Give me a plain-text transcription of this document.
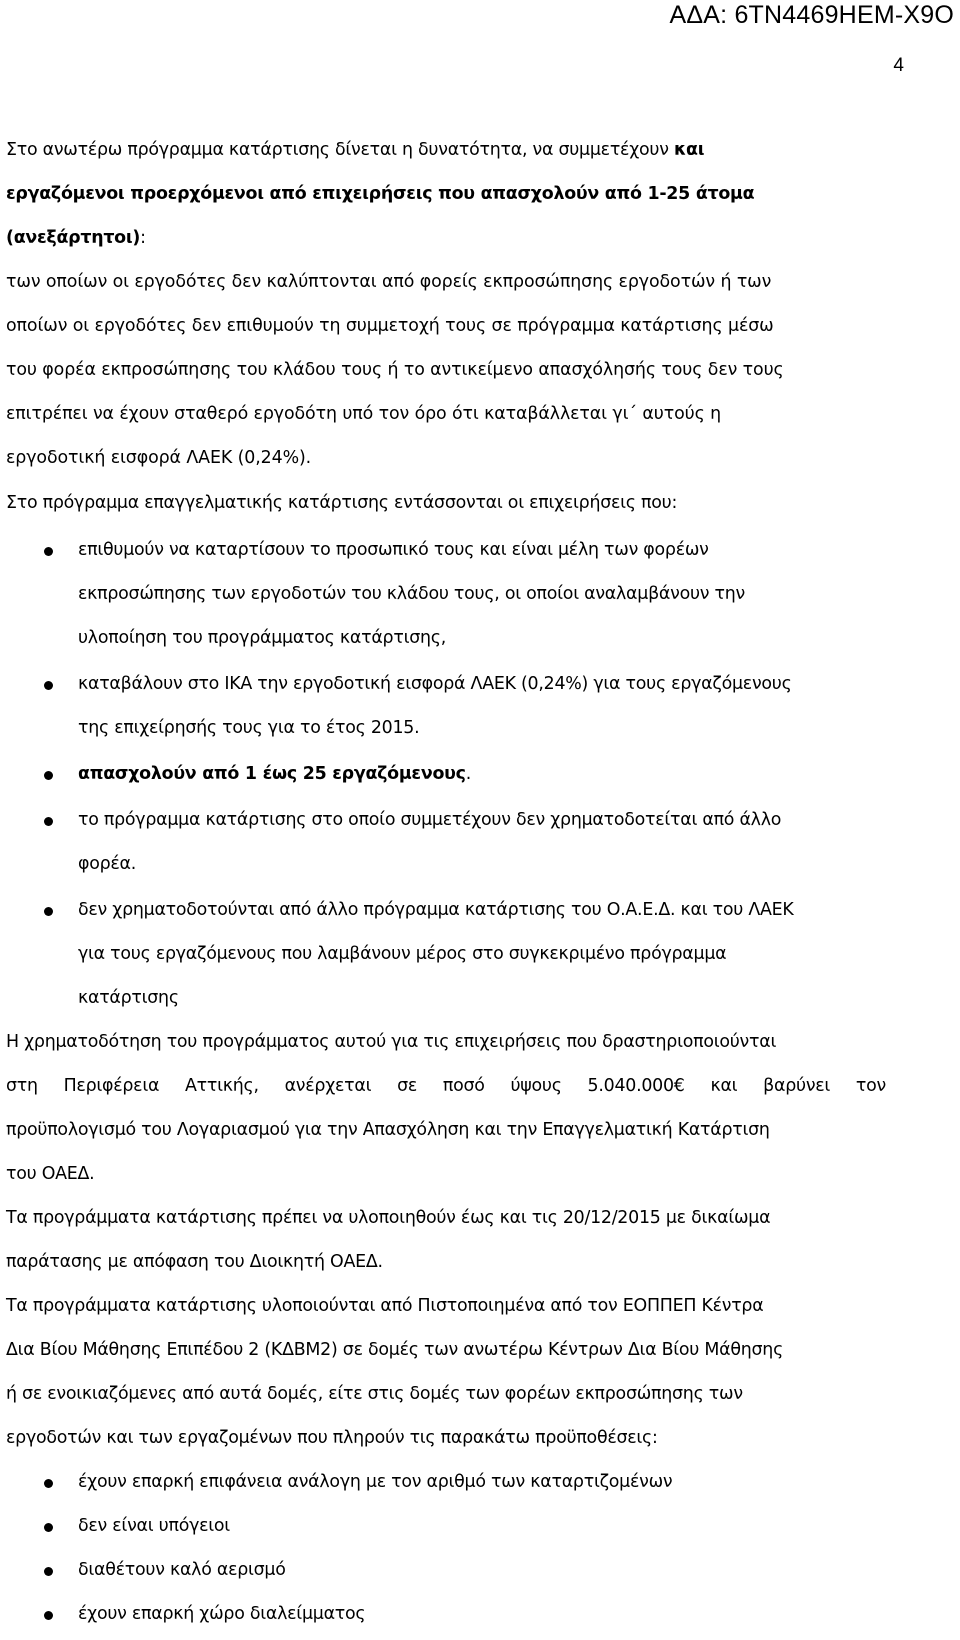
ΑΔΑ: 6ΤΝ4469ΗΕΜ-Χ9Ο
4

Στο ανωτέρω πρόγραμμα κατάρτισης δίνεται η δυνατότητα, να συμμετέχουν και

εργαζόμενοι προερχόμενοι από επιχειρήσεις που απασχολούν από 1-25 άτομα

(ανεξάρτητοι):

των οποίων οι εργοδότες δεν καλύπτονται από φορείς εκπροσώπησης εργοδοτών ή των

οποίων οι εργοδότες δεν επιθυμούν τη συμμετοχή τους σε πρόγραμμα κατάρτισης μέσω

του φορέα εκπροσώπησης του κλάδου τους ή το αντικείμενο απασχόλησής τους δεν τους

επιτρέπει να έχουν σταθερό εργοδότη υπό τον όρο ότι καταβάλλεται γι΄ αυτούς η

εργοδοτική εισφορά ΛΑΕΚ (0,24%).

Στο πρόγραμμα επαγγελματικής κατάρτισης εντάσσονται οι επιχειρήσεις που:

επιθυμούν να καταρτίσουν το προσωπικό τους και είναι μέλη των φορέων

εκπροσώπησης των εργοδοτών του κλάδου τους, οι οποίοι αναλαμβάνουν την

υλοποίηση του προγράμματος κατάρτισης,

καταβάλουν στο ΙΚΑ την εργοδοτική εισφορά ΛΑΕΚ (0,24%) για τους εργαζόμενους

της επιχείρησής τους για το έτος 2015.

απασχολούν από 1 έως 25 εργαζόμενους.

το πρόγραμμα κατάρτισης στο οποίο συμμετέχουν δεν χρηματοδοτείται από άλλο

φορέα.

δεν χρηματοδοτούνται από άλλο πρόγραμμα κατάρτισης του Ο.Α.Ε.Δ. και του ΛΑΕΚ

για τους εργαζόμενους που λαμβάνουν μέρος στο συγκεκριμένο πρόγραμμα

κατάρτισης

Η χρηματοδότηση του προγράμματος αυτού για τις επιχειρήσεις που δραστηριοποιούνται

στη Περιφέρεια Αττικής, ανέρχεται σε ποσό ύψους 5.040.000€ και βαρύνει τον

προϋπολογισμό του Λογαριασμού για την Απασχόληση και την Επαγγελματική Κατάρτιση

του ΟΑΕΔ.

Τα προγράμματα κατάρτισης πρέπει να υλοποιηθούν έως και τις 20/12/2015 με δικαίωμα

παράτασης με απόφαση του Διοικητή ΟΑΕΔ.

Τα προγράμματα κατάρτισης υλοποιούνται από Πιστοποιημένα από τον ΕΟΠΠΕΠ Κέντρα

Δια Βίου Μάθησης Επιπέδου 2 (ΚΔΒΜ2) σε δομές των ανωτέρω Κέντρων Δια Βίου Μάθησης

ή σε ενοικιαζόμενες από αυτά δομές, είτε στις δομές των φορέων εκπροσώπησης των

εργοδοτών και των εργαζομένων που πληρούν τις παρακάτω προϋποθέσεις:

έχουν επαρκή επιφάνεια ανάλογη με τον αριθμό των καταρτιζομένων

δεν είναι υπόγειοι

διαθέτουν καλό αερισμό

έχουν επαρκή χώρο διαλείμματος
